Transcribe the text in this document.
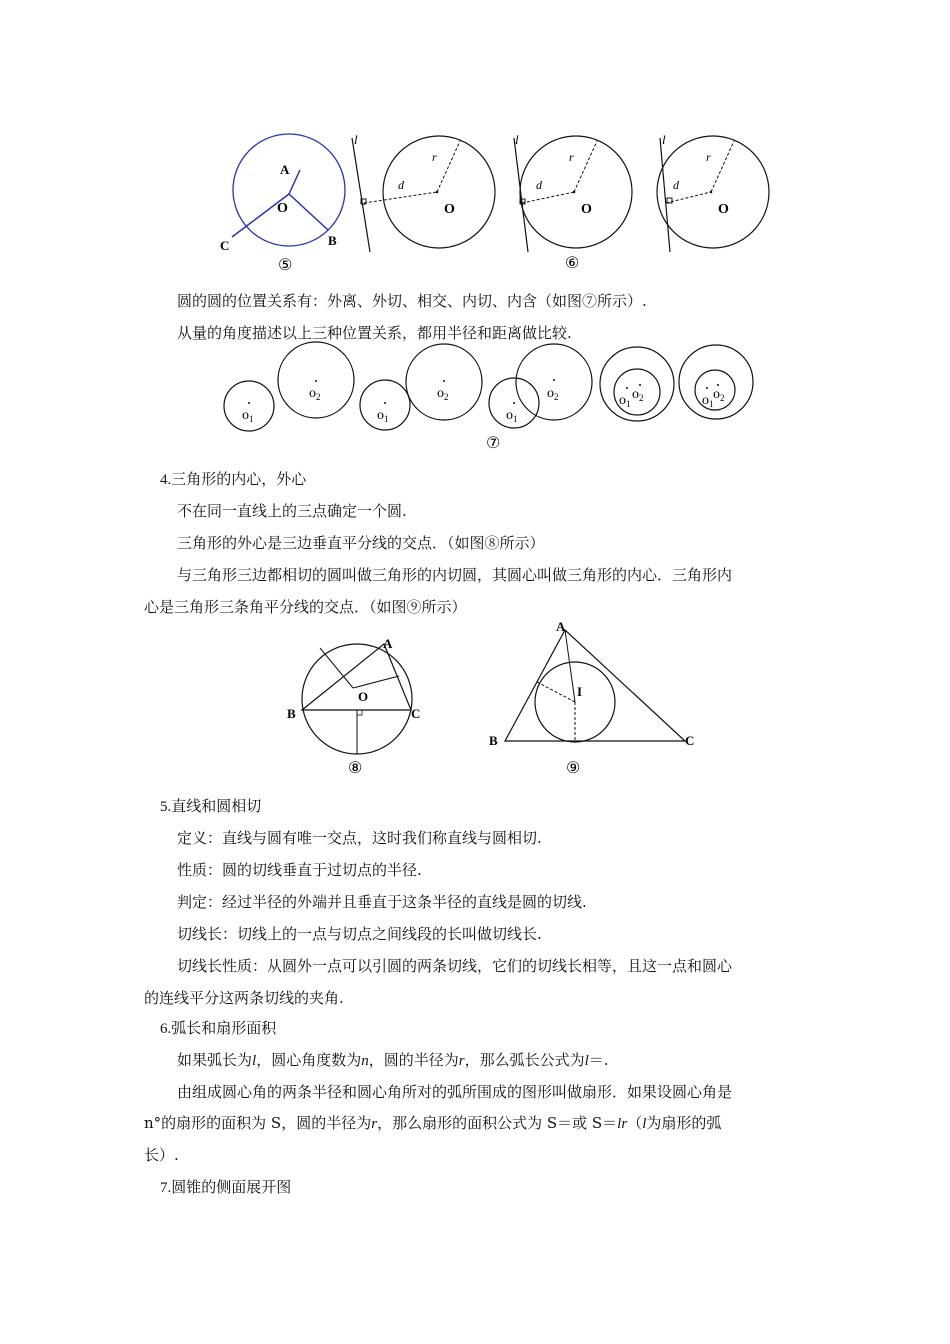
A
O
B
C
⑤
l
d
r
O
l
d
r
O
l
d
r
O
⑥
圆的圆的位置关系有：外离、外切、相交、内切、内含（如图⑦所示）.
从量的角度描述以上三种位置关系，都用半径和距离做比较.
$o_1$
$o_2$
$o_1$
$o_2$
$o_1$
$o_2$	$o_1$
$o_2$	$o_1$
$o_2$
⑦
4.三角形的内心，外心
不在同一直线上的三点确定一个圆.
三角形的外心是三边垂直平分线的交点．（如图⑧所示）
与三角形三边都相切的圆叫做三角形的内切圆，其圆心叫做三角形的内心．三角形内
心是三角形三条角平分线的交点．（如图⑨所示）
A
B	C
O
⑧
A
B	C
I
⑨
5.直线和圆相切
定义：直线与圆有唯一交点，这时我们称直线与圆相切.
性质：圆的切线垂直于过切点的半径.
判定：经过半径的外端并且垂直于这条半径的直线是圆的切线.
切线长：切线上的一点与切点之间线段的长叫做切线长.
切线长性质：从圆外一点可以引圆的两条切线，它们的切线长相等，且这一点和圆心
的连线平分这两条切线的夹角.
6.弧长和扇形面积
如果弧长为l，圆心角度数为n，圆的半径为r，那么弧长公式为l＝.
由组成圆心角的两条半径和圆心角所对的弧所围成的图形叫做扇形．如果设圆心角是
n°的扇形的面积为 S，圆的半径为r，那么扇形的面积公式为 S＝或 S＝lr（l为扇形的弧
长）.
7.圆锥的侧面展开图
